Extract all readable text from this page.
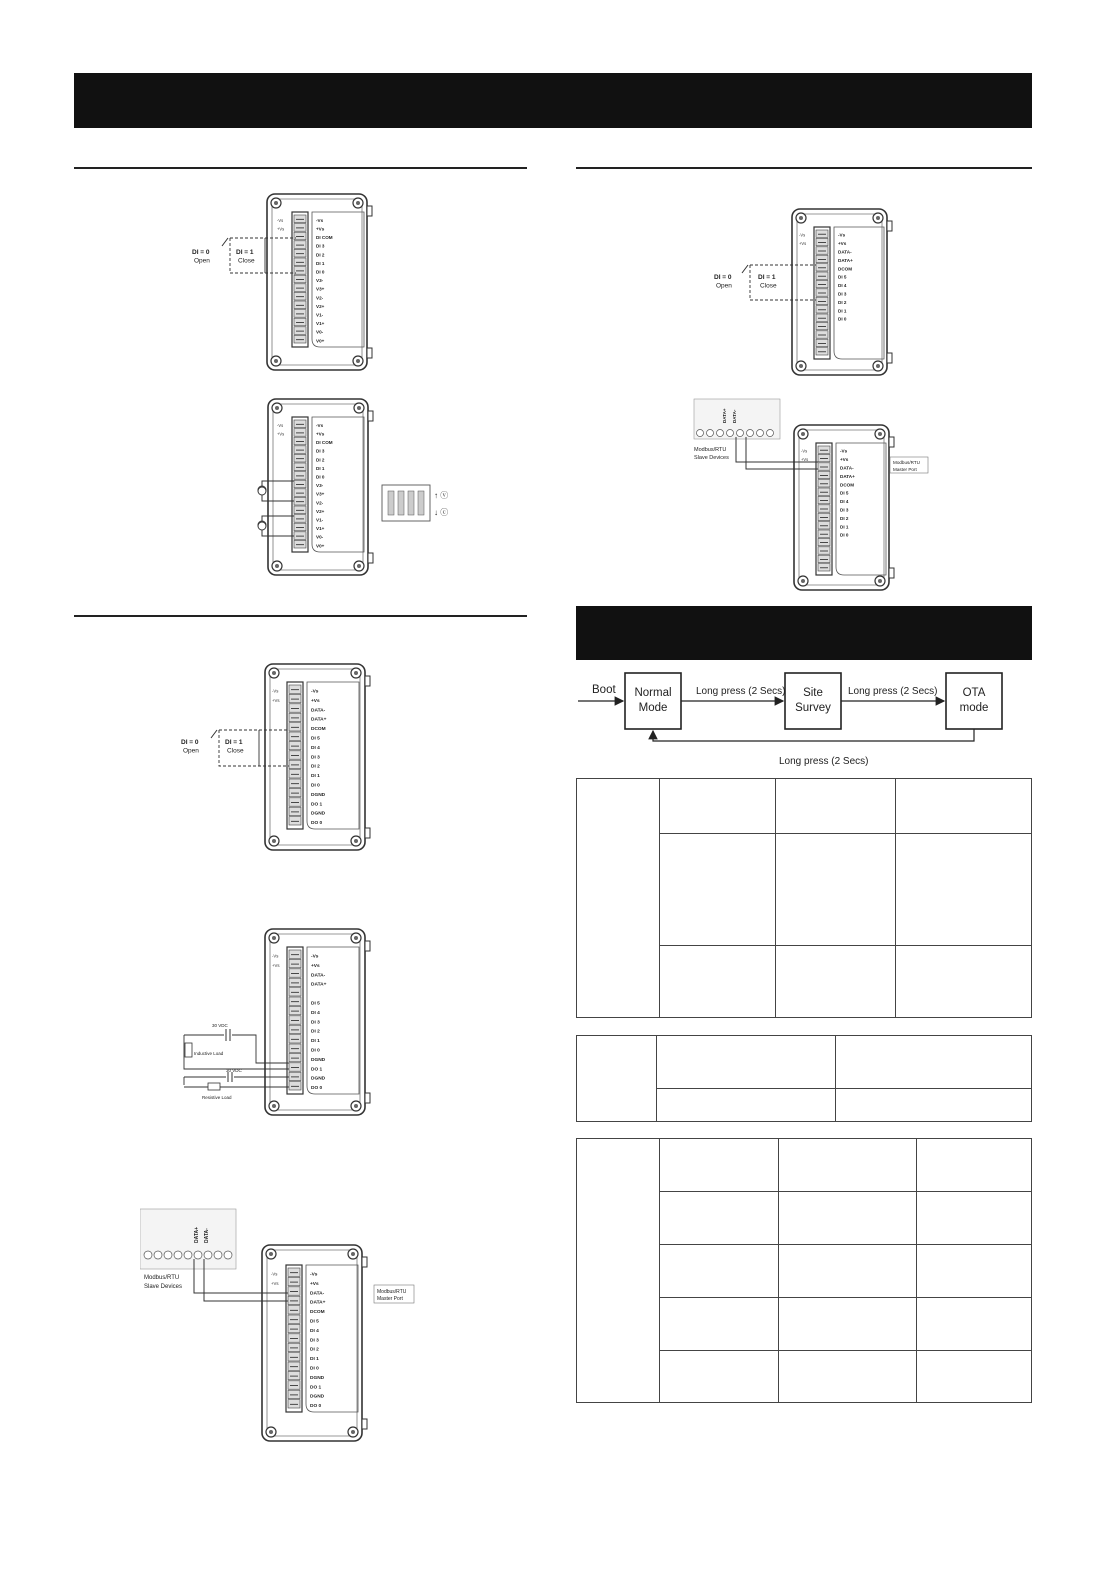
-Vs
+Vs
DI COM
DI 3
DI 2
DI 1
DI 0
V3-
V3+
V2-
V2+
V1-
V1+
V0-
V0+
-Vs
+Vs
DI = 0
Open
DI = 1
Close
-Vs
+Vs
DI COM
DI 3
DI 2
DI 1
DI 0
V3-
V3+
V2-
V2+
V1-
V1+
V0-
V0+
-Vs
+Vs
↑ ⓥ
↓ ⓒ
-Vs
+Vs
DATA-
DATA+
DCOM
DI 5
DI 4
DI 3
DI 2
DI 1
DI 0
-Vs
+Vs
DI = 0
Open
DI = 1
Close
-Vs
+Vs
DATA-
DATA+
DCOM
DI 5
DI 4
DI 3
DI 2
DI 1
DI 0
-Vs
+Vs
DATA+ DATA-
Modbus/RTU
Slave Devices
Modbus/RTU
Master Port
-Vs
+Vs
DATA-
DATA+
DCOM
DI 5
DI 4
DI 3
DI 2
DI 1
DI 0
DGND
DO 1
DGND
DO 0
-Vs
+Vs
DI = 0
Open
DI = 1
Close
-Vs
+Vs
DATA-
DATA+
DI 5
DI 4
DI 3
DI 2
DI 1
DI 0
DGND
DO 1
DGND
DO 0
-Vs
+Vs
30 VDC
Inductive Load
30 VDC
Resistive Load
DATA+ DATA-
Modbus/RTU
Slave Devices
-Vs
+Vs
DATA-
DATA+
DCOM
DI 5
DI 4
DI 3
DI 2
DI 1
DI 0
DGND
DO 1
DGND
DO 0
-Vs
+Vs
Modbus/RTU
Master Port
Normal
Mode
Site
Survey
OTA
mode
Boot	Long press (2 Secs)	Long press (2 Secs)
Long press (2 Secs)
